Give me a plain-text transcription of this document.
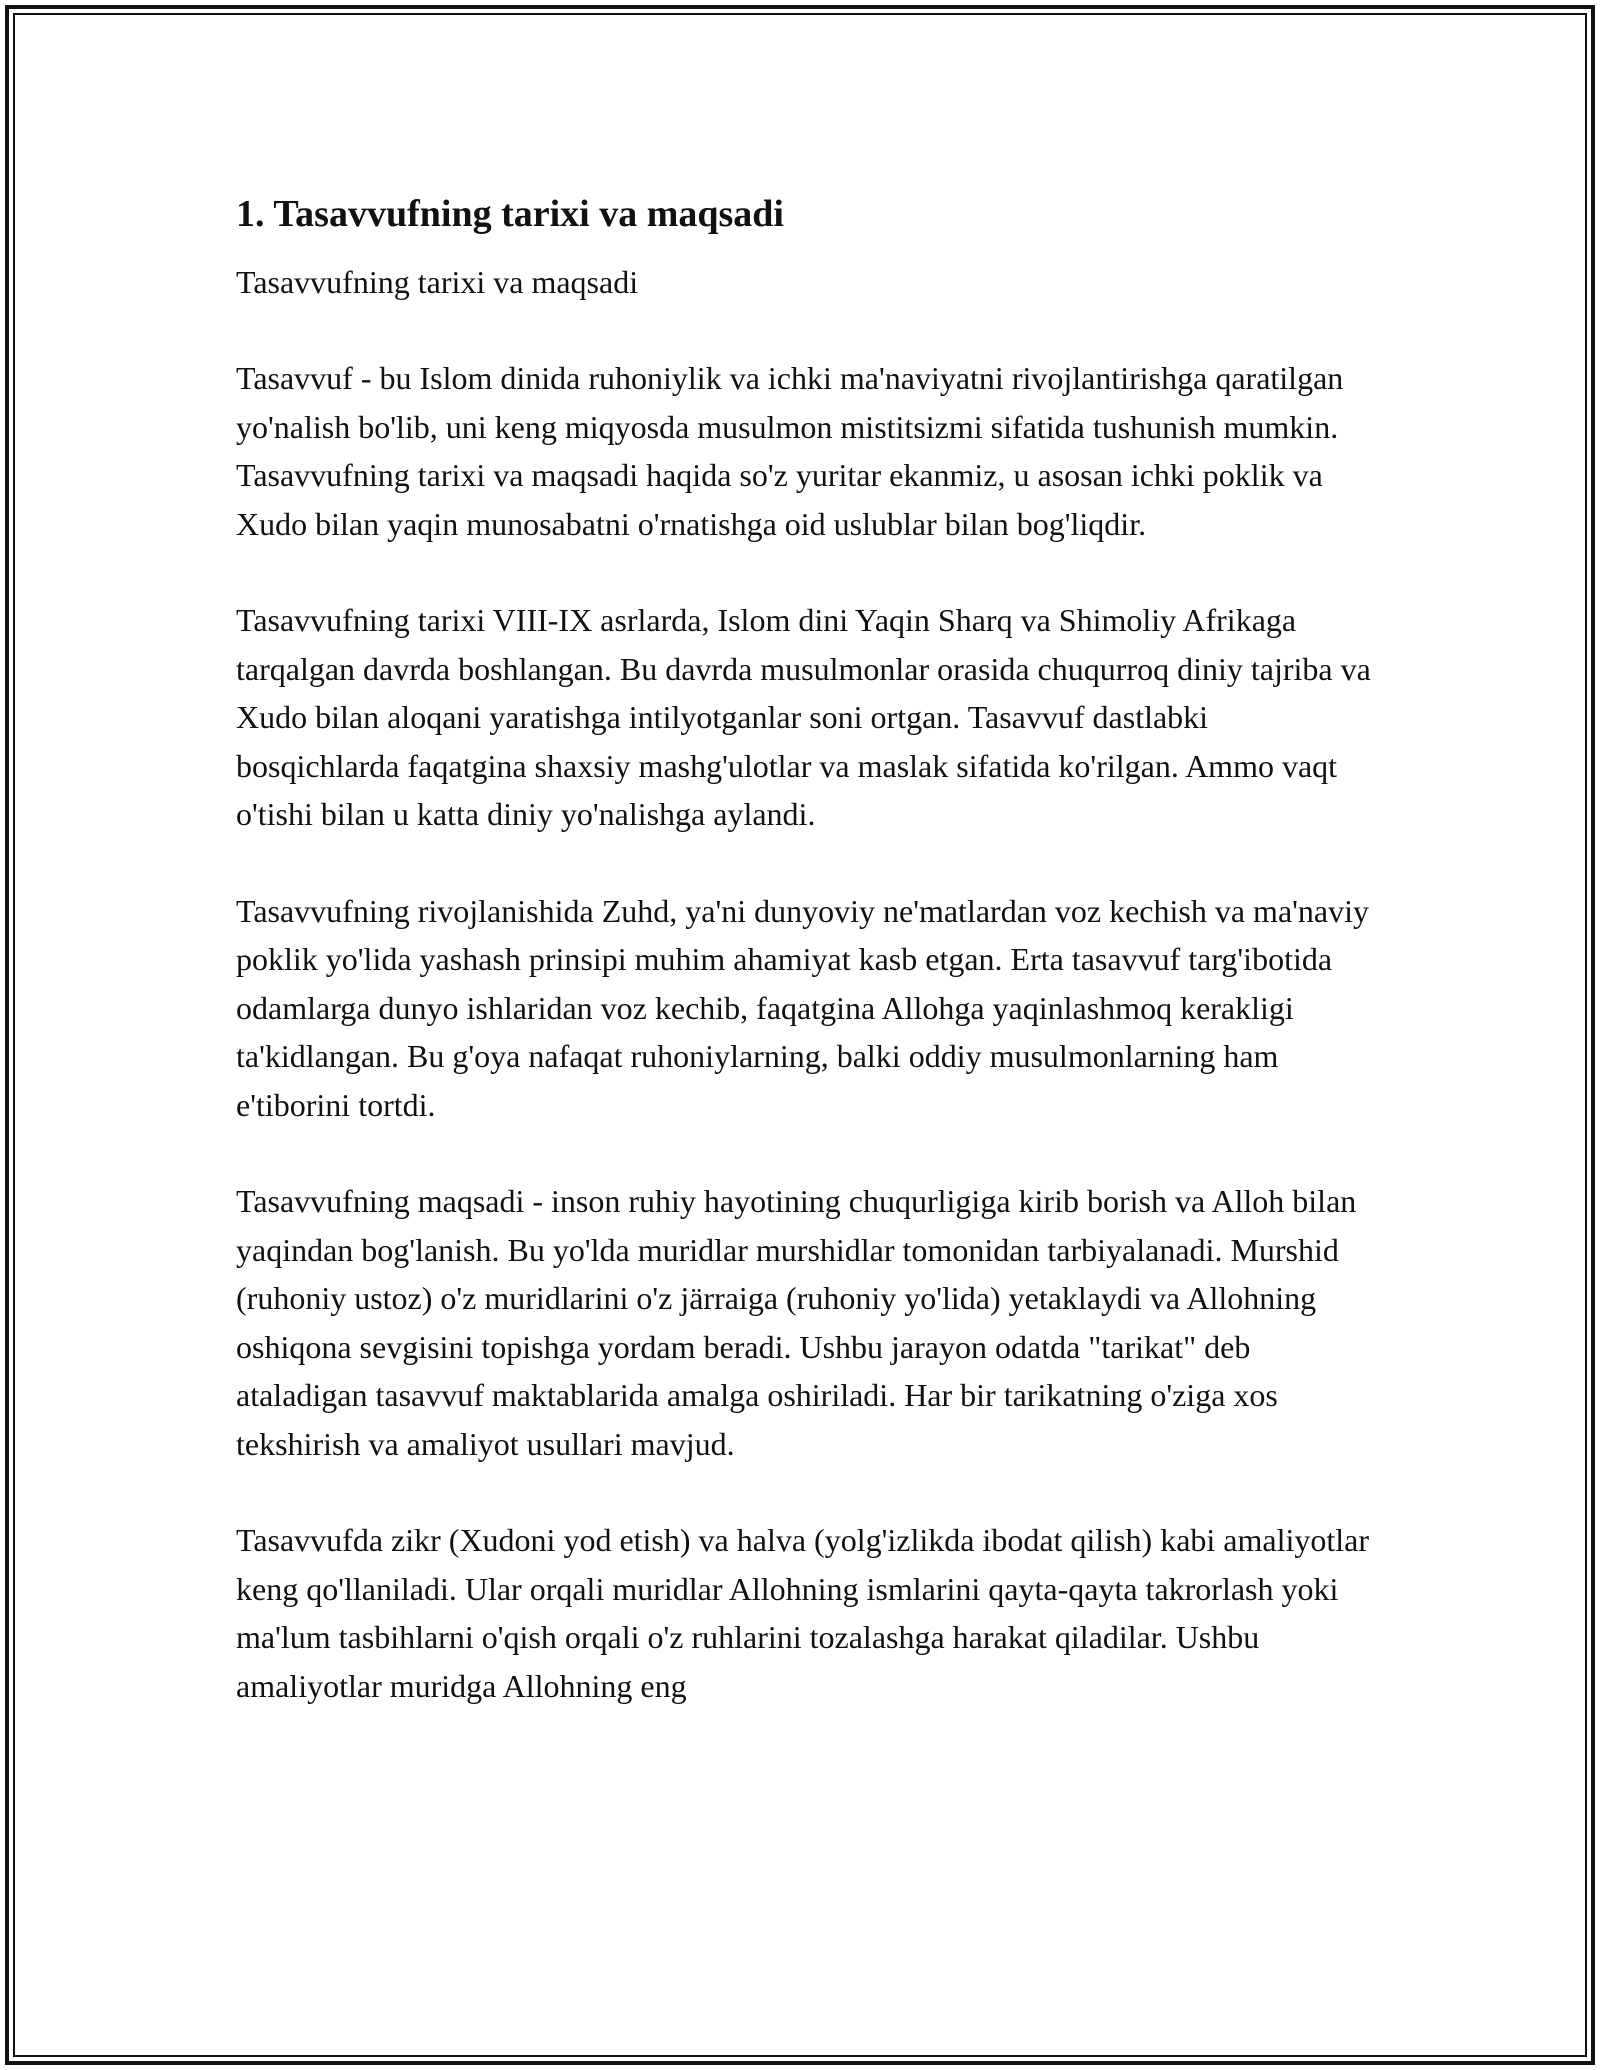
1. Tasavvufning tarixi va maqsadi

Tasavvufning tarixi va maqsadi

Tasavvuf - bu Islom dinida ruhoniylik va ichki ma'naviyatni rivojlantirishga qaratilgan yo'nalish bo'lib, uni keng miqyosda musulmon mistitsizmi sifatida tushunish mumkin. Tasavvufning tarixi va maqsadi haqida so'z yuritar ekanmiz, u asosan ichki poklik va Xudo bilan yaqin munosabatni o'rnatishga oid uslublar bilan bog'liqdir.

Tasavvufning tarixi VIII-IX asrlarda, Islom dini Yaqin Sharq va Shimoliy Afrikaga tarqalgan davrda boshlangan. Bu davrda musulmonlar orasida chuqurroq diniy tajriba va Xudo bilan aloqani yaratishga intilyotganlar soni ortgan. Tasavvuf dastlabki bosqichlarda faqatgina shaxsiy mashg'ulotlar va maslak sifatida ko'rilgan. Ammo vaqt o'tishi bilan u katta diniy yo'nalishga aylandi.

Tasavvufning rivojlanishida Zuhd, ya'ni dunyoviy ne'matlardan voz kechish va ma'naviy poklik yo'lida yashash prinsipi muhim ahamiyat kasb etgan. Erta tasavvuf targ'ibotida odamlarga dunyo ishlaridan voz kechib, faqatgina Allohga yaqinlashmoq kerakligi ta'kidlangan. Bu g'oya nafaqat ruhoniylarning, balki oddiy musulmonlarning ham e'tiborini tortdi.

Tasavvufning maqsadi - inson ruhiy hayotining chuqurligiga kirib borish va Alloh bilan yaqindan bog'lanish. Bu yo'lda muridlar murshidlar tomonidan tarbiyalanadi. Murshid (ruhoniy ustoz) o'z muridlarini o'z järraiga (ruhoniy yo'lida) yetaklaydi va Allohning oshiqona sevgisini topishga yordam beradi. Ushbu jarayon odatda "tarikat" deb ataladigan tasavvuf maktablarida amalga oshiriladi. Har bir tarikatning o'ziga xos tekshirish va amaliyot usullari mavjud.

Tasavvufda zikr (Xudoni yod etish) va halva (yolg'izlikda ibodat qilish) kabi amaliyotlar keng qo'llaniladi. Ular orqali muridlar Allohning ismlarini qayta-qayta takrorlash yoki ma'lum tasbihlarni o'qish orqali o'z ruhlarini tozalashga harakat qiladilar. Ushbu amaliyotlar muridga Allohning eng
